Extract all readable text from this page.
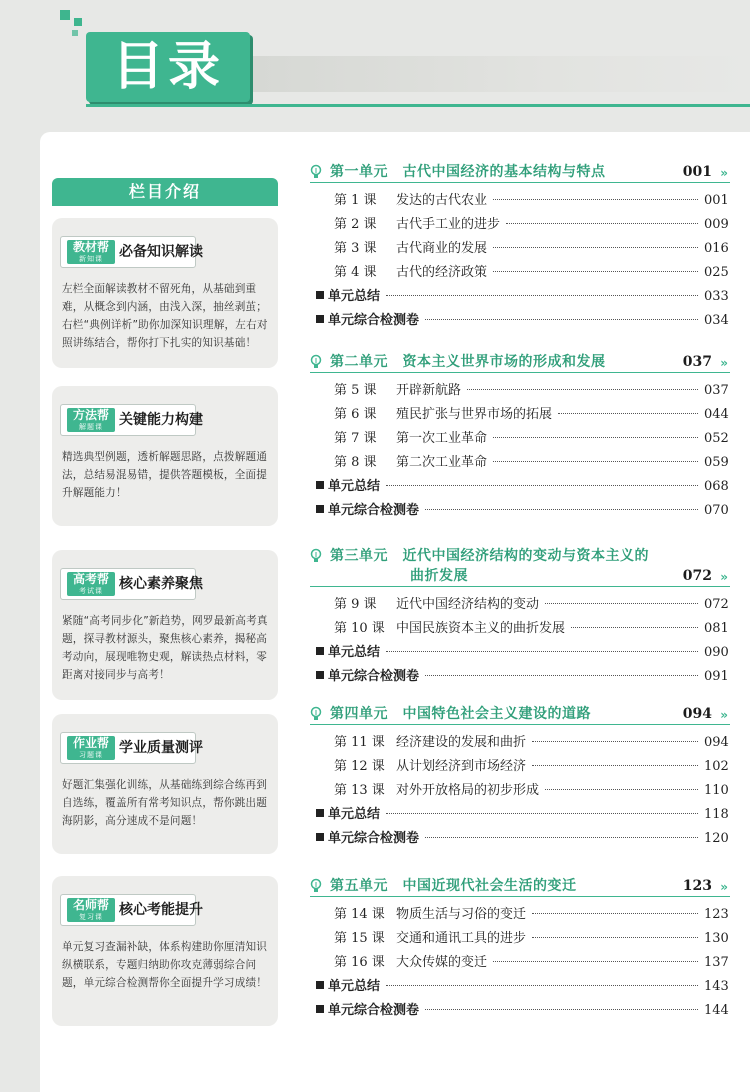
目录
栏目介绍
教材帮
新知课	必备知识解读
左栏全面解读教材不留死角，从基础到重难，从概念到内涵，由浅入深，抽丝剥茧；右栏“典例详析”助你加深知识理解，左右对照讲练结合，帮你打下扎实的知识基础！
方法帮
解题课	关键能力构建
精选典型例题，透析解题思路，点拨解题通法，总结易混易错，提供答题模板，全面提升解题能力！
高考帮
考试课	核心素养聚焦
紧随“高考同步化”新趋势，网罗最新高考真题，探寻教材源头，聚焦核心素养，揭秘高考动向，展现唯物史观，解读热点材料，零距离对接同步与高考！
作业帮
习题课	学业质量测评
好题汇集强化训练，从基础练到综合练再到自选练，覆盖所有常考知识点，帮你跳出题海阴影，高分速成不是问题！
名师帮
复习课	核心考能提升
单元复习查漏补缺，体系构建助你厘清知识纵横联系，专题归纳助你攻克薄弱综合问题，单元综合检测帮你全面提升学习成绩！
第一单元　古代中国经济的基本结构与特点	001 »
第 1 课	发达的古代农业	001
第 2 课	古代手工业的进步	009
第 3 课	古代商业的发展	016
第 4 课	古代的经济政策	025
单元总结	033
单元综合检测卷	034
第二单元　资本主义世界市场的形成和发展	037 »
第 5 课	开辟新航路	037
第 6 课	殖民扩张与世界市场的拓展	044
第 7 课	第一次工业革命	052
第 8 课	第二次工业革命	059
单元总结	068
单元综合检测卷	070
第三单元　近代中国经济结构的变动与资本主义的
曲折发展	072 »
第 9 课	近代中国经济结构的变动	072
第 10 课 中国民族资本主义的曲折发展	081
单元总结	090
单元综合检测卷	091
第四单元　中国特色社会主义建设的道路	094 »
第 11 课 经济建设的发展和曲折	094
第 12 课 从计划经济到市场经济	102
第 13 课 对外开放格局的初步形成	110
单元总结	118
单元综合检测卷	120
第五单元　中国近现代社会生活的变迁	123 »
第 14 课 物质生活与习俗的变迁	123
第 15 课 交通和通讯工具的进步	130
第 16 课 大众传媒的变迁	137
单元总结	143
单元综合检测卷	144
